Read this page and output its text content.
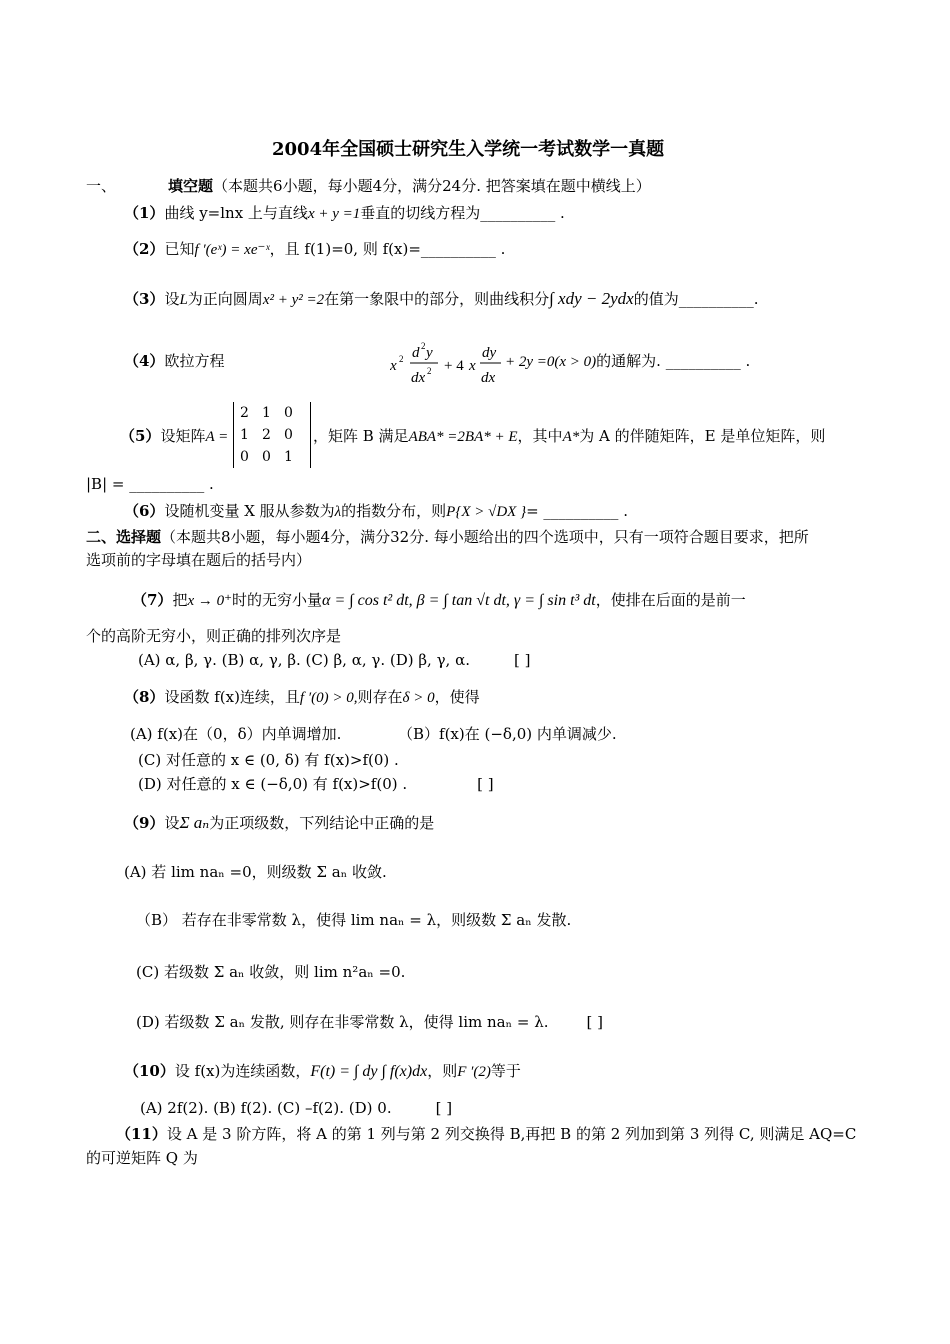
2004年全国硕士研究生入学统一考试数学一真题
一、	填空题（本题共6小题，每小题4分，满分24分. 把答案填在题中横线上）
（1）曲线 y=lnx 上与直线x + y =1垂直的切线方程为__________ .
（2）已知f ′(eˣ) = xe⁻ˣ，且 f(1)=0, 则 f(x)=__________ .
（3）设L为正向圆周x² + y² =2在第一象限中的部分，则曲线积分∫ xdy − 2ydx的值为__________.
（4）欧拉方程	x 2 d 2 y
dx 2 + 4 x
dy
dx
+ 2y =0(x > 0)的通解为. __________ .
（5）设矩阵A =
2 1 0
1 2 0
0 0 1
，矩阵 B 满足ABA* =2BA* + E，其中A*为 A 的伴随矩阵，E 是单位矩阵，则
|B| = __________ .
（6）设随机变量 X 服从参数为λ的指数分布，则P{X > √DX }= __________ .
二、选择题（本题共8小题，每小题4分，满分32分. 每小题给出的四个选项中，只有一项符合题目要求，把所
选项前的字母填在题后的括号内）
（7）把x → 0⁺时的无穷小量α = ∫ cos t² dt, β = ∫ tan √t dt, γ = ∫ sin t³ dt，使排在后面的是前一
个的高阶无穷小，则正确的排列次序是
(A) α, β, γ. (B) α, γ, β. (C) β, α, γ. (D) β, γ, α.	[ ]
（8）设函数 f(x)连续，且f ′(0) > 0,则存在δ > 0，使得
(A) f(x)在（0，δ）内单调增加.	（B）f(x)在 (−δ,0) 内单调减少.
(C) 对任意的 x ∈ (0, δ) 有 f(x)>f(0) .
(D) 对任意的 x ∈ (−δ,0) 有 f(x)>f(0) .	[ ]
（9）设Σ aₙ为正项级数，下列结论中正确的是
(A) 若 lim naₙ =0，则级数 Σ aₙ 收敛.
（B） 若存在非零常数 λ，使得 lim naₙ = λ，则级数 Σ aₙ 发散.
(C) 若级数 Σ aₙ 收敛，则 lim n²aₙ =0.
(D) 若级数 Σ aₙ 发散, 则存在非零常数 λ，使得 lim naₙ = λ.	[ ]
（10）设 f(x)为连续函数，F(t) = ∫ dy ∫ f(x)dx，则F ′(2)等于
(A) 2f(2). (B) f(2). (C) –f(2). (D) 0.	[ ]
（11）设 A 是 3 阶方阵，将 A 的第 1 列与第 2 列交换得 B,再把 B 的第 2 列加到第 3 列得 C, 则满足 AQ=C
的可逆矩阵 Q 为
